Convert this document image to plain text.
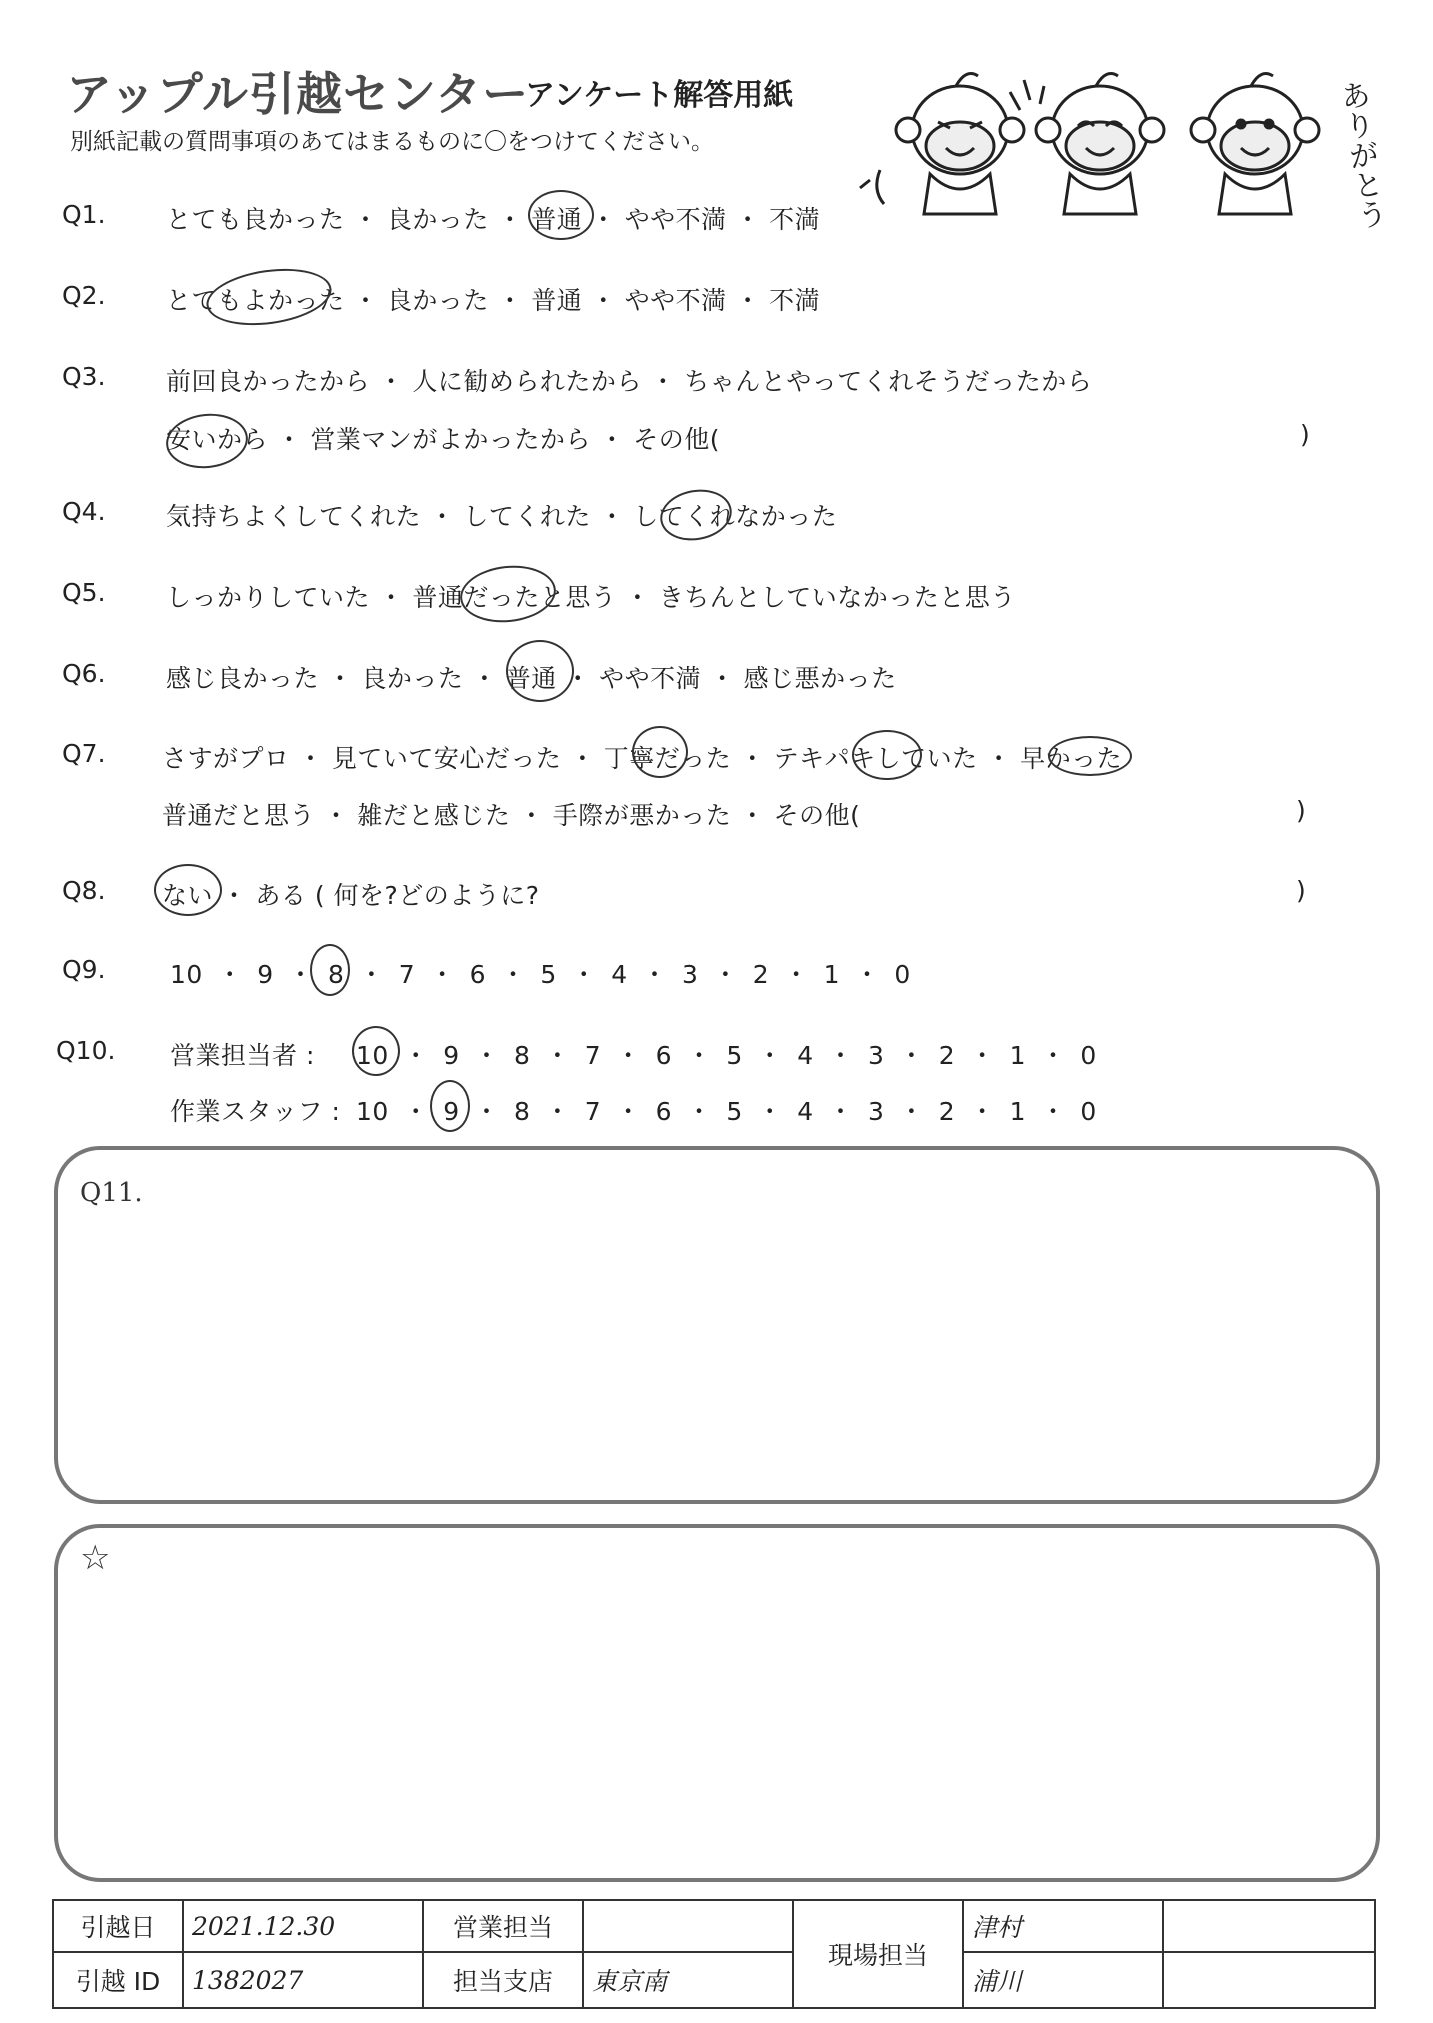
アップル引越センター
アンケート解答用紙
別紙記載の質問事項のあてはまるものに〇をつけてください。	ありがとう
Q1. とても良かった ・ 良かった ・ 普通 ・ やや不満 ・ 不満
Q2. とてもよかった ・ 良かった ・ 普通 ・ やや不満 ・ 不満
Q3. 前回良かったから ・ 人に勧められたから ・ ちゃんとやってくれそうだったから
安いから ・ 営業マンがよかったから ・ その他(	)
Q4. 気持ちよくしてくれた ・ してくれた ・ してくれなかった
Q5. しっかりしていた ・ 普通だったと思う ・ きちんとしていなかったと思う
Q6. 感じ良かった ・ 良かった ・ 普通 ・ やや不満 ・ 感じ悪かった
Q7. さすがプロ ・ 見ていて安心だった ・ 丁寧だった ・ テキパキしていた ・ 早かった
普通だと思う ・ 雑だと感じた ・ 手際が悪かった ・ その他(	)
Q8. ない ・ ある ( 何を?どのように?	)
Q9.	10 ・ 9 ・ 8 ・ 7 ・ 6 ・ 5 ・ 4 ・ 3 ・ 2 ・ 1 ・ 0
Q10. 営業担当者 : 10 ・ 9 ・ 8 ・ 7 ・ 6 ・ 5 ・ 4 ・ 3 ・ 2 ・ 1 ・ 0
作業スタッフ : 10 ・ 9 ・ 8 ・ 7 ・ 6 ・ 5 ・ 4 ・ 3 ・ 2 ・ 1 ・ 0
Q11.
☆
引越日	2021.12.30	営業担当		現場担当	津村	
引越 ID	1382027	担当支店	東京南		浦川	
